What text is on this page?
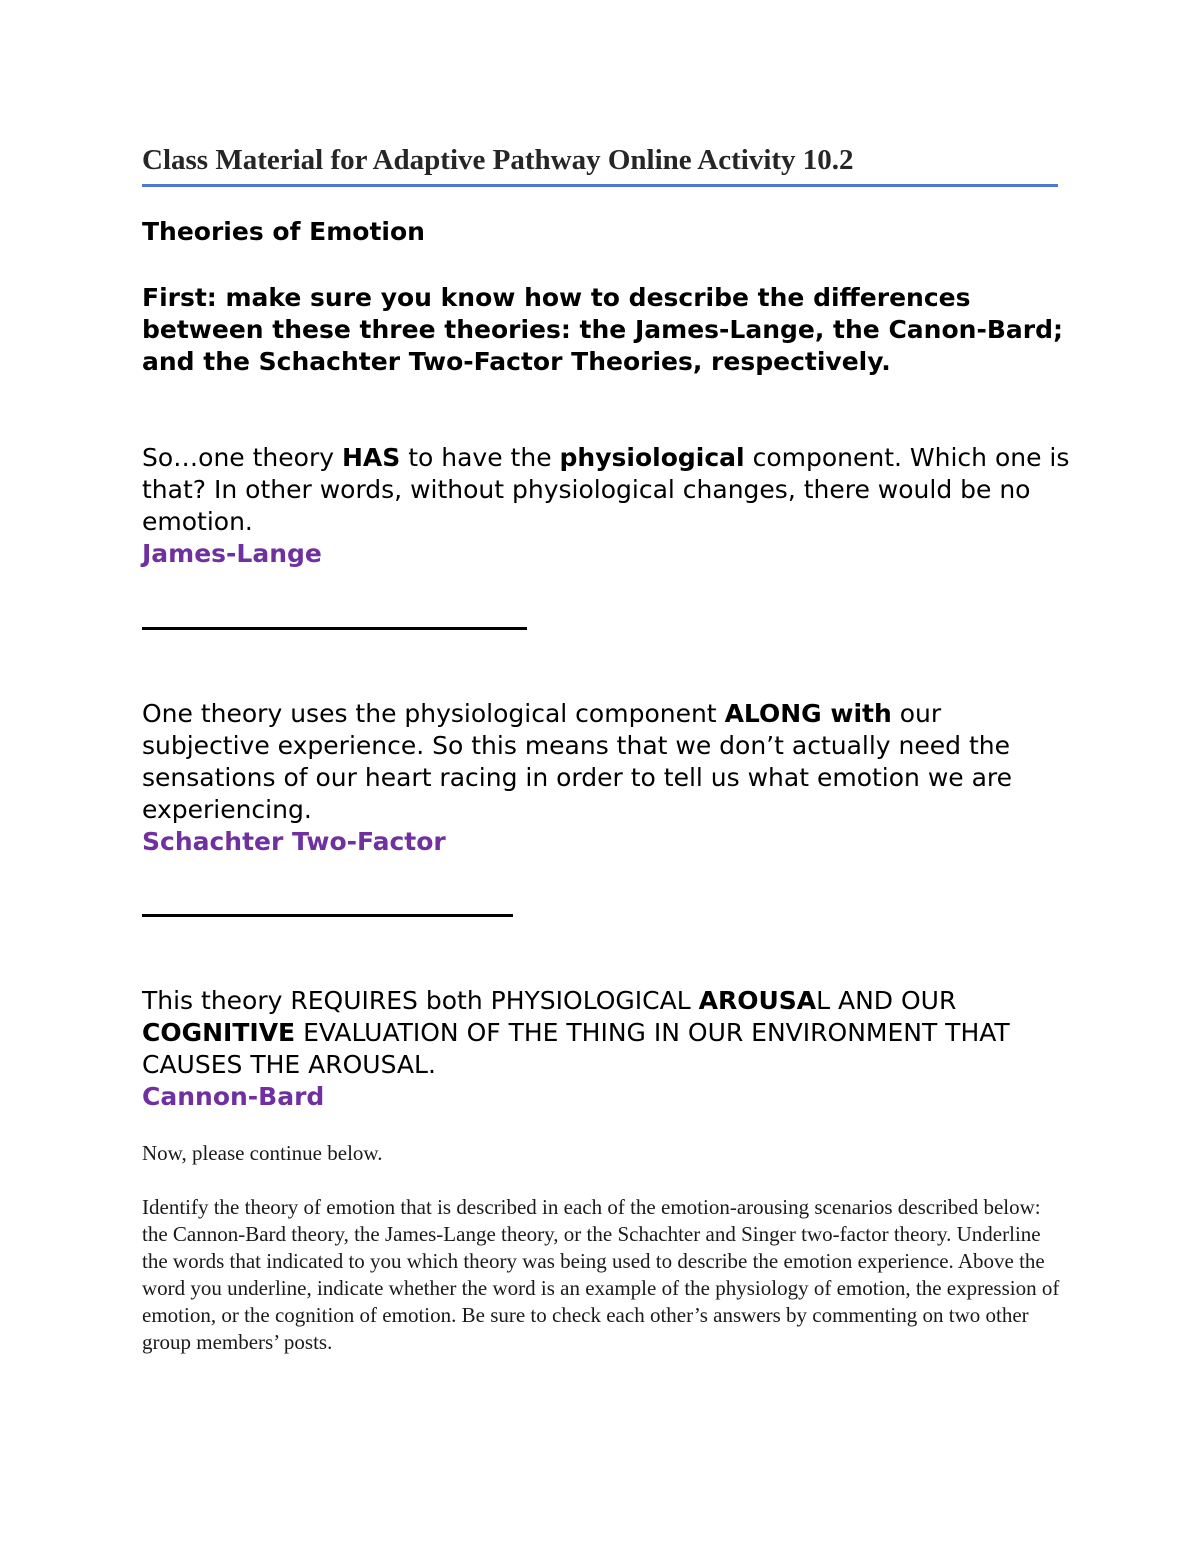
Class Material for Adaptive Pathway Online Activity 10.2

Theories of Emotion

First: make sure you know how to describe the differences between these three theories: the James-Lange, the Canon-Bard; and the Schachter Two-Factor Theories, respectively.

So…one theory HAS to have the physiological component. Which one is that? In other words, without physiological changes, there would be no emotion.

James-Lange

One theory uses the physiological component ALONG with our subjective experience. So this means that we don’t actually need the sensations of our heart racing in order to tell us what emotion we are experiencing.

Schachter Two-Factor

This theory REQUIRES both PHYSIOLOGICAL AROUSAL AND OUR COGNITIVE EVALUATION OF THE THING IN OUR ENVIRONMENT THAT CAUSES THE AROUSAL.

Cannon-Bard

Now, please continue below.

Identify the theory of emotion that is described in each of the emotion-arousing scenarios described below: the Cannon-Bard theory, the James-Lange theory, or the Schachter and Singer two-factor theory. Underline the words that indicated to you which theory was being used to describe the emotion experience. Above the word you underline, indicate whether the word is an example of the physiology of emotion, the expression of emotion, or the cognition of emotion. Be sure to check each other’s answers by commenting on two other group members’ posts.
